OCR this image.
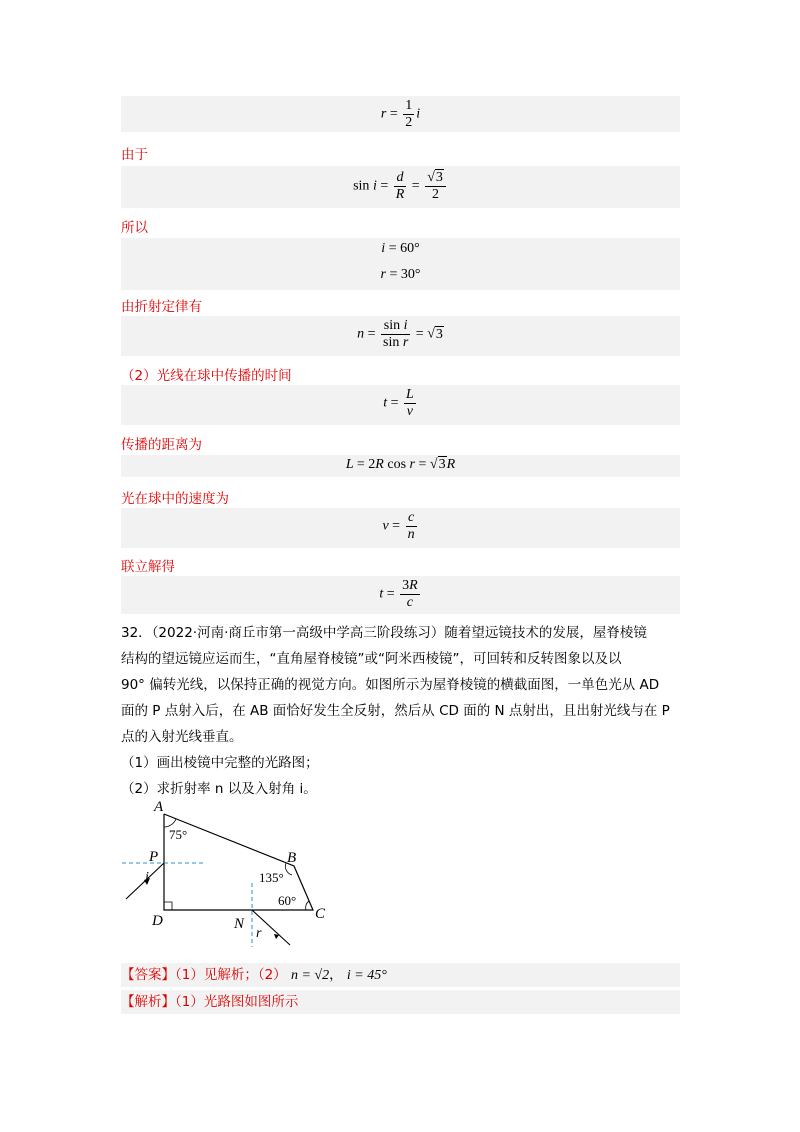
$r = \frac{1}{2}$ i
由于
$\sin i = \frac{d}{R} = \frac{√3}{2}$
所以
i = 60°
r = 30°
由折射定律有
$n = \frac{\text{sin i}}{\text{sin r}} = √3$
（2）光线在球中传播的时间
$t = \frac{L}{v}$
传播的距离为
L = 2R cos r = √3R
光在球中的速度为
$v = \frac{c}{n}$
联立解得
$t = \frac{3R}{c}$
32．（2022·河南·商丘市第一高级中学高三阶段练习）随着望远镜技术的发展，屋脊棱镜
结构的望远镜应运而生，“直角屋脊棱镜”或“阿米西棱镜”，可回转和反转图象以及以
90° 偏转光线，以保持正确的视觉方向。如图所示为屋脊棱镜的横截面图，一单色光从 AD
面的 P 点射入后，在 AB 面恰好发生全反射，然后从 CD 面的 N 点射出，且出射光线与在 P
点的入射光线垂直。
（1）画出棱镜中完整的光路图；
（2）求折射率 n 以及入射角 i。
A
B
C
D
P
N
75°
135°
60°
i
r
【答案】（1）见解析；（2） n = √2， i = 45°
【解析】（1）光路图如图所示
